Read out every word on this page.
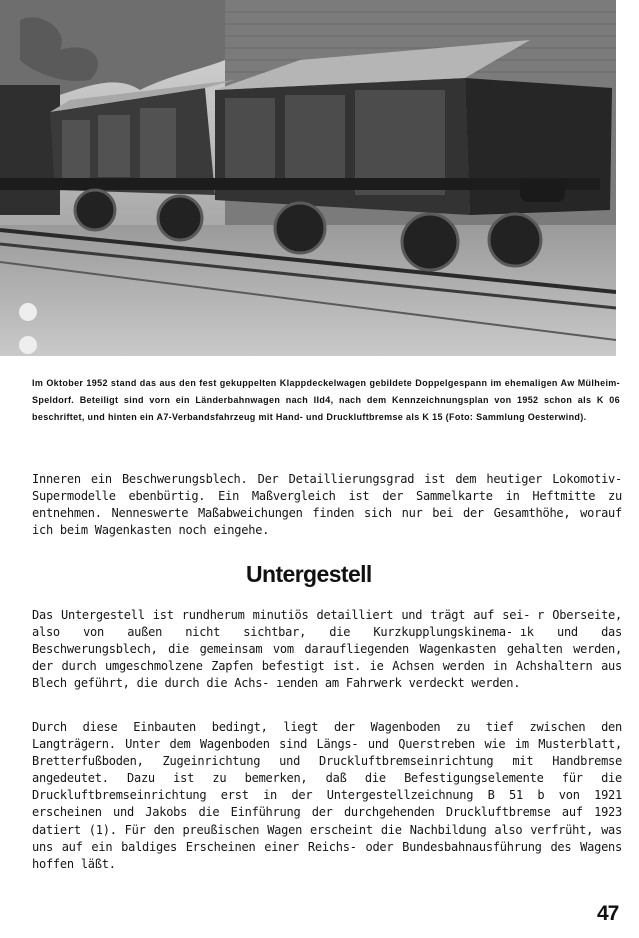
Im Oktober 1952 stand das aus den fest gekuppelten Klappdeckelwagen gebildete Doppelgespann im ehemaligen Aw Mülheim-Speldorf. Beteiligt sind vorn ein Länderbahnwagen nach IId4, nach dem Kennzeichnungsplan von 1952 schon als K 06 beschriftet, und hinten ein A7-Verbandsfahrzeug mit Hand- und Druckluftbremse als K 15 (Foto: Sammlung Oesterwind).

Inneren ein Beschwerungsblech. Der Detaillierungsgrad ist dem heutiger Lokomotiv-Supermodelle ebenbürtig. Ein Maßvergleich ist der Sammelkarte in Heftmitte zu entnehmen. Nenneswerte Maßabweichungen finden sich nur bei der Gesamthöhe, worauf ich beim Wagenkasten noch eingehe.

Untergestell

Das Untergestell ist rundherum minutiös detailliert und trägt auf sei- r Oberseite, also von außen nicht sichtbar, die Kurzkupplungskinema- ık und das Beschwerungsblech, die gemeinsam vom daraufliegenden Wagenkasten gehalten werden, der durch umgeschmolzene Zapfen befestigt ist. ie Achsen werden in Achshaltern aus Blech geführt, die durch die Achs- ıenden am Fahrwerk verdeckt werden.

Durch diese Einbauten bedingt, liegt der Wagenboden zu tief zwischen den Langträgern. Unter dem Wagenboden sind Längs- und Querstreben wie im Musterblatt, Bretterfußboden, Zugeinrichtung und Druckluftbremseinrichtung mit Handbremse angedeutet. Dazu ist zu bemerken, daß die Befestigungselemente für die Druckluftbremseinrichtung erst in der Untergestellzeichnung B 51 b von 1921 erscheinen und Jakobs die Einführung der durchgehenden Druckluftbremse auf 1923 datiert (1). Für den preußischen Wagen erscheint die Nachbildung also verfrüht, was uns auf ein baldiges Erscheinen einer Reichs- oder Bundesbahnausführung des Wagens hoffen läßt.

47
